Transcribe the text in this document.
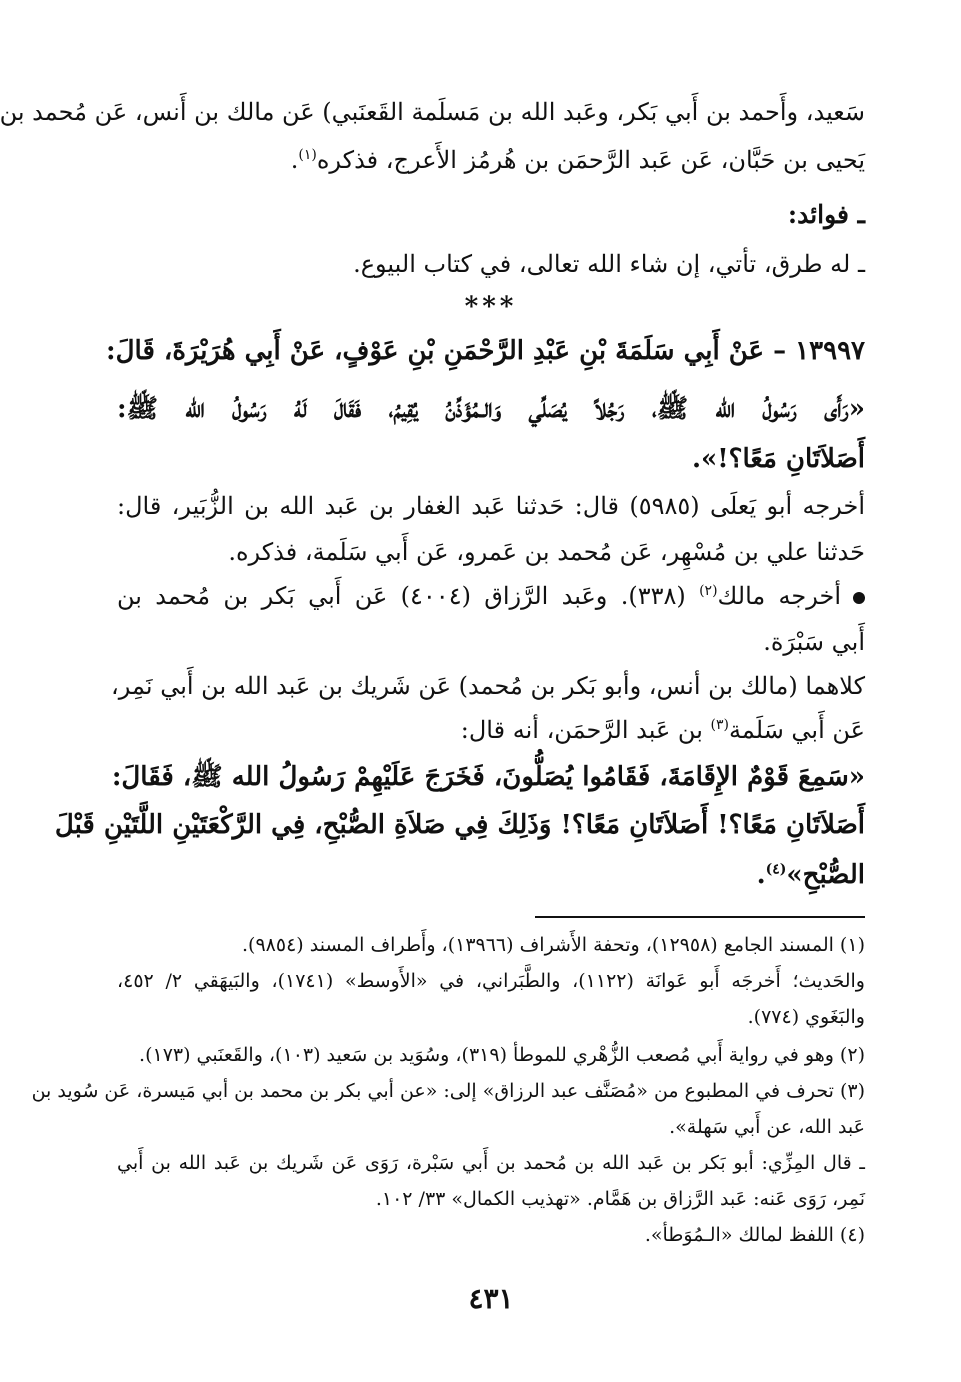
سَعيد، وأَحمد بن أَبي بَكر، وعَبد الله بن مَسلَمة القَعنَبي) عَن مالك بن أَنس، عَن مُحمد بن
يَحيى بن حَبَّان، عَن عَبد الرَّحمَن بن هُرمُز الأَعرج، فذكره$^{(١)}$.
ـ فوائد:
ـ له طرق، تأتي، إن شاء الله تعالى، في كتاب البيوع.
***
١٣٩٩٧ – عَنْ أَبِي سَلَمَةَ بْنِ عَبْدِ الرَّحْمَنِ بْنِ عَوْفٍ، عَنْ أَبِي هُرَيْرَةَ، قَالَ:
«رَأَى رَسُولُ الله ﷺ، رَجُلاً يُصَلِّي وَالـمُؤَذِّنُ يُقِيمُ، فَقَالَ لَهُ رَسُولُ الله ﷺ:
أَصَلاَتَانِ مَعًا؟!».
أخرجه أبو يَعلَى (٥٩٨٥) قال: حَدثنا عَبد الغفار بن عَبد الله بن الزُّبَير، قال:
حَدثنا علي بن مُسْهِر، عَن مُحمد بن عَمرو، عَن أَبي سَلَمة، فذكره.
أخرجه مالك$^{(٢)}$ (٣٣٨). وعَبد الرَّزاق (٤٠٠٤) عَن أَبي بَكر بن مُحمد بن
أَبي سَبْرَة.
كلاهما (مالك بن أنس، وأبو بَكر بن مُحمد) عَن شَريك بن عَبد الله بن أَبي نَمِر،
عَن أَبي سَلَمة$^{(٣)}$ بن عَبد الرَّحمَن، أنه قال:
«سَمِعَ قَوْمٌ الإِقَامَةَ، فَقَامُوا يُصَلُّونَ، فَخَرَجَ عَلَيْهِمْ رَسُولُ الله ﷺ، فَقَالَ:
أَصَلاَتَانِ مَعًا؟! أَصَلاَتَانِ مَعًا؟! وَذَلِكَ فِي صَلاَةِ الصُّبْحِ، فِي الرَّكْعَتَيْنِ اللَّتَيْنِ قَبْلَ
الصُّبْحِ»$^{(٤)}$.
(١) المسند الجامع (١٢٩٥٨)، وتحفة الأَشراف (١٣٩٦٦)، وأَطراف المسند (٩٨٥٤).
والحَديث؛ أَخرجَه أَبو عَوانَة (١١٢٢)، والطَّبَراني، في «الأَوسط» (١٧٤١)، والبَيهَقي ٢/ ٤٥٢،
والبَغَوي (٧٧٤).
(٢) وهو في رواية أَبي مُصعب الزُّهْري للموطأ (٣١٩)، وسُوَيد بن سَعيد (١٠٣)، والقَعنَبي (١٧٣).
(٣) تحرف في المطبوع من «مُصَنَّف عبد الرزاق» إلى: «عن أبي بكر بن محمد بن أبي مَيسرة، عَن سُويد بن
عَبد الله، عن أَبي سَهلة».
ـ قال المِزِّي: أبو بَكر بن عَبد الله بن مُحمد بن أَبي سَبْرة، رَوَى عَن شَريك بن عَبد الله بن أَبي
نَمِر، رَوَى عَنه: عَبد الرَّزاق بن هَمَّام. «تهذيب الكمال» ٣٣/ ١٠٢.
(٤) اللفظ لمالك «الـمُوَطأ».
٤٣١
